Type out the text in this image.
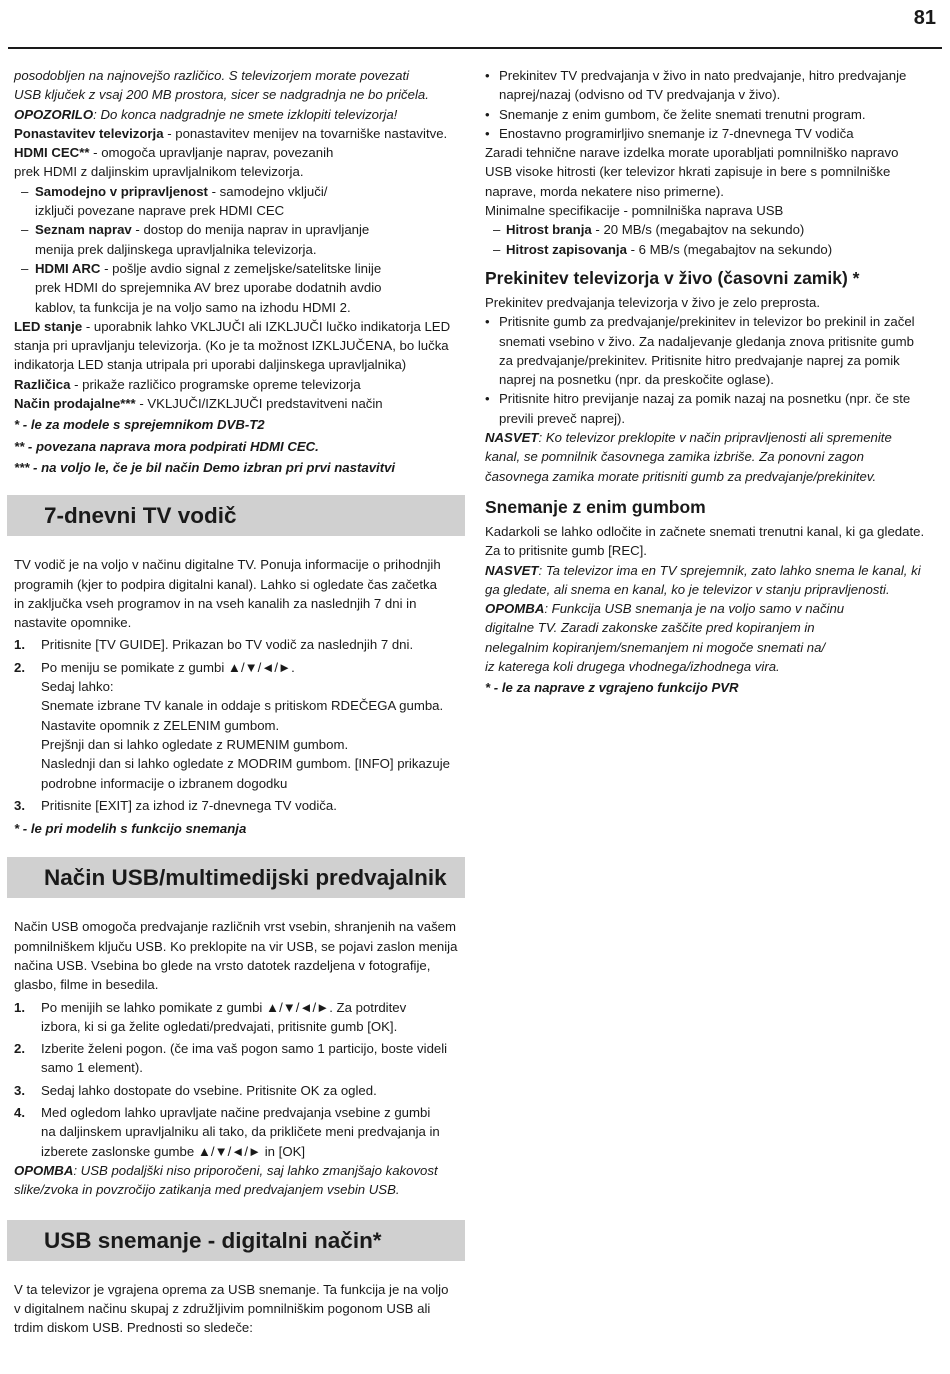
81

posodobljen na najnovejšo različico. S televizorjem morate povezati

USB ključek z vsaj 200 MB prostora, sicer se nadgradnja ne bo pričela.

OPOZORILO: Do konca nadgradnje ne smete izklopiti televizorja!

Ponastavitev televizorja - ponastavitev menijev na tovarniške nastavitve.

HDMI CEC** - omogoča upravljanje naprav, povezanih

prek HDMI z daljinskim upravljalnikom televizorja.

– Samodejno v pripravljenost - samodejno vključi/

izključi povezane naprave prek HDMI CEC

– Seznam naprav - dostop do menija naprav in upravljanje

menija prek daljinskega upravljalnika televizorja.

– HDMI ARC - pošlje avdio signal z zemeljske/satelitske linije

prek HDMI do sprejemnika AV brez uporabe dodatnih avdio

kablov, ta funkcija je na voljo samo na izhodu HDMI 2.

LED stanje - uporabnik lahko VKLJUČI ali IZKLJUČI lučko indikatorja LED

stanja pri upravljanju televizorja. (Ko je ta možnost IZKLJUČENA, bo lučka

indikatorja LED stanja utripala pri uporabi daljinskega upravljalnika)

Različica - prikaže različico programske opreme televizorja

Način prodajalne*** - VKLJUČI/IZKLJUČI predstavitveni način

* - le za modele s sprejemnikom DVB-T2

** - povezana naprava mora podpirati HDMI CEC.

*** - na voljo le, če je bil način Demo izbran pri prvi nastavitvi

7-dnevni TV vodič

TV vodič je na voljo v načinu digitalne TV. Ponuja informacije o prihodnjih

programih (kjer to podpira digitalni kanal). Lahko si ogledate čas začetka

in zaključka vseh programov in na vseh kanalih za naslednjih 7 dni in

nastavite opomnike.

1. Pritisnite [TV GUIDE]. Prikazan bo TV vodič za naslednjih 7 dni.

2. Po meniju se pomikate z gumbi ▲/▼/◄/►.

Sedaj lahko:

Snemate izbrane TV kanale in oddaje s pritiskom RDEČEGA gumba.

Nastavite opomnik z ZELENIM gumbom.

Prejšnji dan si lahko ogledate z RUMENIM gumbom.

Naslednji dan si lahko ogledate z MODRIM gumbom. [INFO] prikazuje

podrobne informacije o izbranem dogodku

3. Pritisnite [EXIT] za izhod iz 7-dnevnega TV vodiča.

* - le pri modelih s funkcijo snemanja

Način USB/multimedijski predvajalnik

Način USB omogoča predvajanje različnih vrst vsebin, shranjenih na vašem

pomnilniškem ključu USB. Ko preklopite na vir USB, se pojavi zaslon menija

načina USB. Vsebina bo glede na vrsto datotek razdeljena v fotografije,

glasbo, filme in besedila.

1. Po menijih se lahko pomikate z gumbi ▲/▼/◄/►. Za potrditev

izbora, ki si ga želite ogledati/predvajati, pritisnite gumb [OK].

2. Izberite želeni pogon. (če ima vaš pogon samo 1 particijo, boste videli

samo 1 element).

3. Sedaj lahko dostopate do vsebine. Pritisnite OK za ogled.

4. Med ogledom lahko upravljate načine predvajanja vsebine z gumbi

na daljinskem upravljalniku ali tako, da prikličete meni predvajanja in

izberete zaslonske gumbe ▲/▼/◄/► in [OK]

OPOMBA: USB podaljški niso priporočeni, saj lahko zmanjšajo kakovost

slike/zvoka in povzročijo zatikanja med predvajanjem vsebin USB.

USB snemanje - digitalni način*

V ta televizor je vgrajena oprema za USB snemanje. Ta funkcija je na voljo

v digitalnem načinu skupaj z združljivim pomnilniškim pogonom USB ali

trdim diskom USB. Prednosti so sledeče:

• Prekinitev TV predvajanja v živo in nato predvajanje, hitro predvajanje

naprej/nazaj (odvisno od TV predvajanja v živo).

• Snemanje z enim gumbom, če želite snemati trenutni program.

• Enostavno programirljivo snemanje iz 7-dnevnega TV vodiča

Zaradi tehnične narave izdelka morate uporabljati pomnilniško napravo

USB visoke hitrosti (ker televizor hkrati zapisuje in bere s pomnilniške

naprave, morda nekatere niso primerne).

Minimalne specifikacije - pomnilniška naprava USB

– Hitrost branja - 20 MB/s (megabajtov na sekundo)

– Hitrost zapisovanja - 6 MB/s (megabajtov na sekundo)

Prekinitev televizorja v živo (časovni zamik) *

Prekinitev predvajanja televizorja v živo je zelo preprosta.

• Pritisnite gumb za predvajanje/prekinitev in televizor bo prekinil in začel

snemati vsebino v živo. Za nadaljevanje gledanja znova pritisnite gumb

za predvajanje/prekinitev. Pritisnite hitro predvajanje naprej za pomik

naprej na posnetku (npr. da preskočite oglase).

• Pritisnite hitro previjanje nazaj za pomik nazaj na posnetku (npr. če ste

previli preveč naprej).

NASVET: Ko televizor preklopite v način pripravljenosti ali spremenite

kanal, se pomnilnik časovnega zamika izbriše. Za ponovni zagon

časovnega zamika morate pritisniti gumb za predvajanje/prekinitev.

Snemanje z enim gumbom

Kadarkoli se lahko odločite in začnete snemati trenutni kanal, ki ga gledate.

Za to pritisnite gumb [REC].

NASVET: Ta televizor ima en TV sprejemnik, zato lahko snema le kanal, ki

ga gledate, ali snema en kanal, ko je televizor v stanju pripravljenosti.

OPOMBA: Funkcija USB snemanja je na voljo samo v načinu

digitalne TV. Zaradi zakonske zaščite pred kopiranjem in

nelegalnim kopiranjem/snemanjem ni mogoče snemati na/

iz katerega koli drugega vhodnega/izhodnega vira.

* - le za naprave z vgrajeno funkcijo PVR
